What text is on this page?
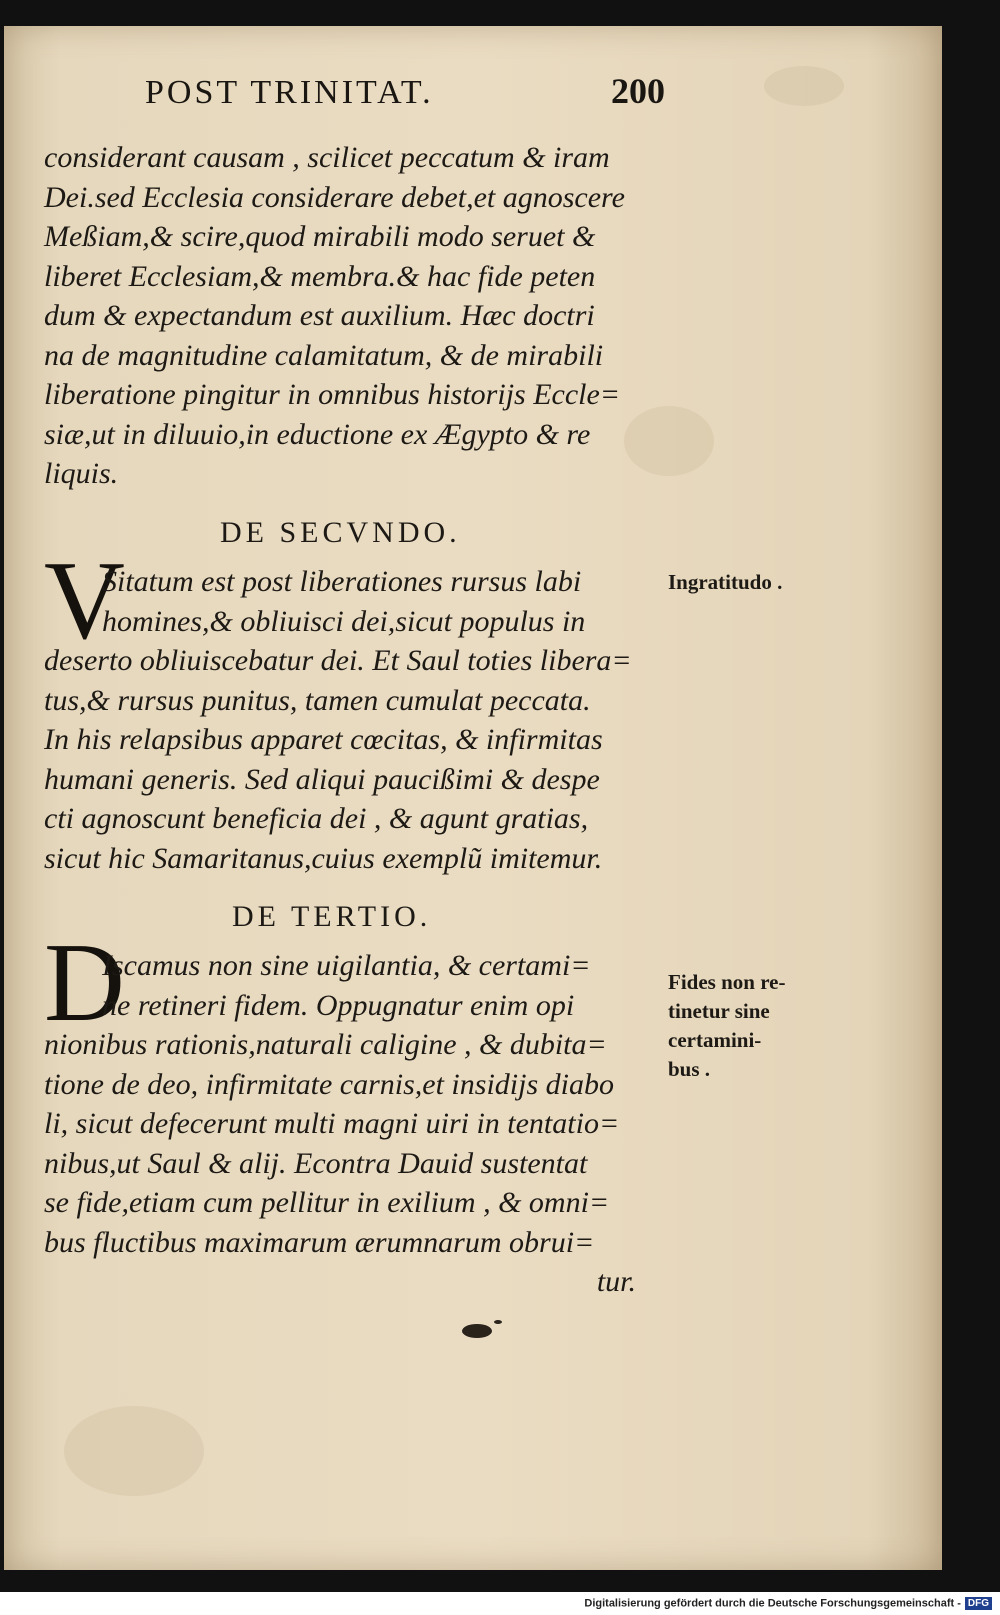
POST TRINITAT.	200
considerant causam , scilicet peccatum & iram
Dei.sed Ecclesia considerare debet,et agnoscere
Meßiam,& scire,quod mirabili modo seruet &
liberet Ecclesiam,& membra.& hac fide peten
dum & expectandum est auxilium. Hæc doctri
na de magnitudine calamitatum, & de mirabili
liberatione pingitur in omnibus historijs Eccle=
siæ,ut in diluuio,in eductione ex Ægypto & re
liquis.
DE SECVNDO.
V
Sitatum est post liberationes rursus labi
homines,& obliuisci dei,sicut populus in
deserto obliuiscebatur dei. Et Saul toties libera=
tus,& rursus punitus, tamen cumulat peccata.
In his relapsibus apparet cœcitas, & infirmitas
humani generis. Sed aliqui paucißimi & despe
cti agnoscunt beneficia dei , & agunt gratias,
sicut hic Samaritanus,cuius exemplũ imitemur.
Ingratitudo .
DE TERTIO.
D
Iscamus non sine uigilantia, & certami=
ne retineri fidem. Oppugnatur enim opi
nionibus rationis,naturali caligine , & dubita=
tione de deo, infirmitate carnis,et insidijs diabo
li, sicut defecerunt multi magni uiri in tentatio=
nibus,ut Saul & alij. Econtra Dauid sustentat
se fide,etiam cum pellitur in exilium , & omni=
bus fluctibus maximarum ærumnarum obrui=
tur.
Fides non re-
tinetur sine
certamini-
bus .
Digitalisierung gefördert durch die Deutsche Forschungsgemeinschaft - DFG
